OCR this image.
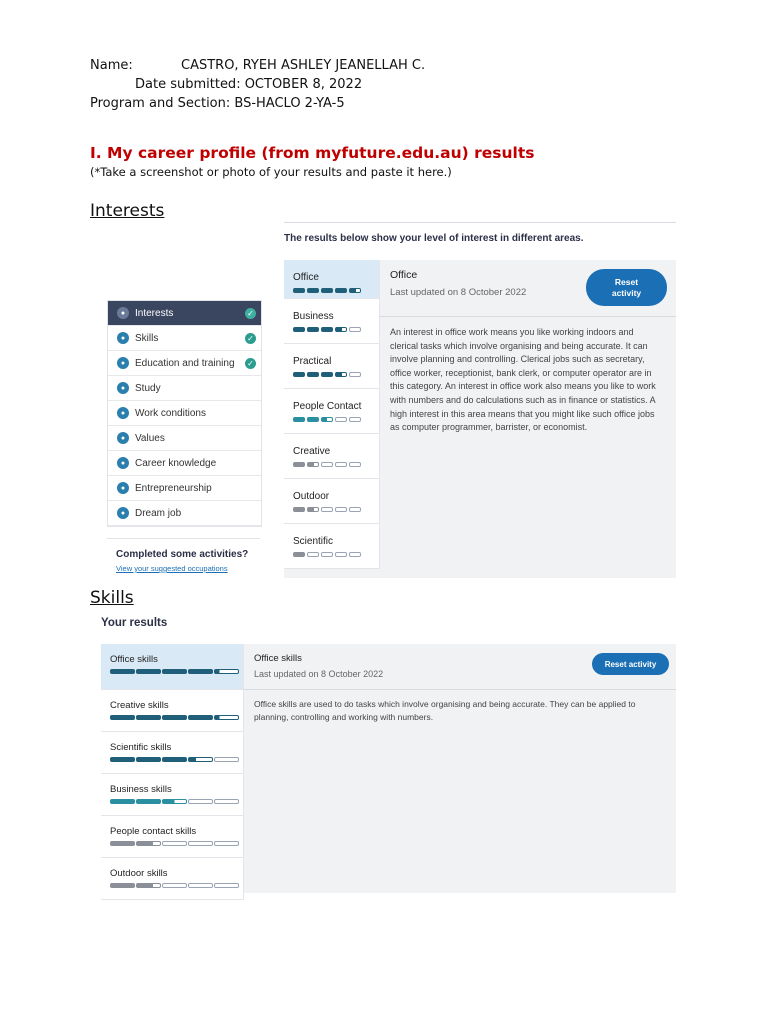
Name:	CASTRO, RYEH ASHLEY JEANELLAH C.
Date submitted: OCTOBER 8, 2022
Program and Section: BS-HACLO 2-YA-5
I. My career profile (from myfuture.edu.au) results
(*Take a screenshot or photo of your results and paste it here.)
Interests
● Interests	✓
● Skills	✓
● Education and training ✓
● Study
● Work conditions
● Values
● Career knowledge
● Entrepreneurship
● Dream job
Completed some activities?
View your suggested occupations
The results below show your level of interest in different areas.
Office
Business
Practical
People Contact
Creative
Outdoor
Scientific
Office
Last updated on 8 October 2022
Reset
activity
An interest in office work means you like working indoors and clerical tasks which involve organising and being accurate. It can involve planning and controlling. Clerical jobs such as secretary, office worker, receptionist, bank clerk, or computer operator are in this category. An interest in office work also means you like to work with numbers and do calculations such as in finance or statistics. A high interest in this area means that you might like such office jobs as computer programmer, barrister, or economist.
Skills
Your results
Office skills
Creative skills
Scientific skills
Business skills
People contact skills
Outdoor skills
Office skills
Last updated on 8 October 2022
Reset activity
Office skills are used to do tasks which involve organising and being accurate. They can be applied to planning, controlling and working with numbers.
